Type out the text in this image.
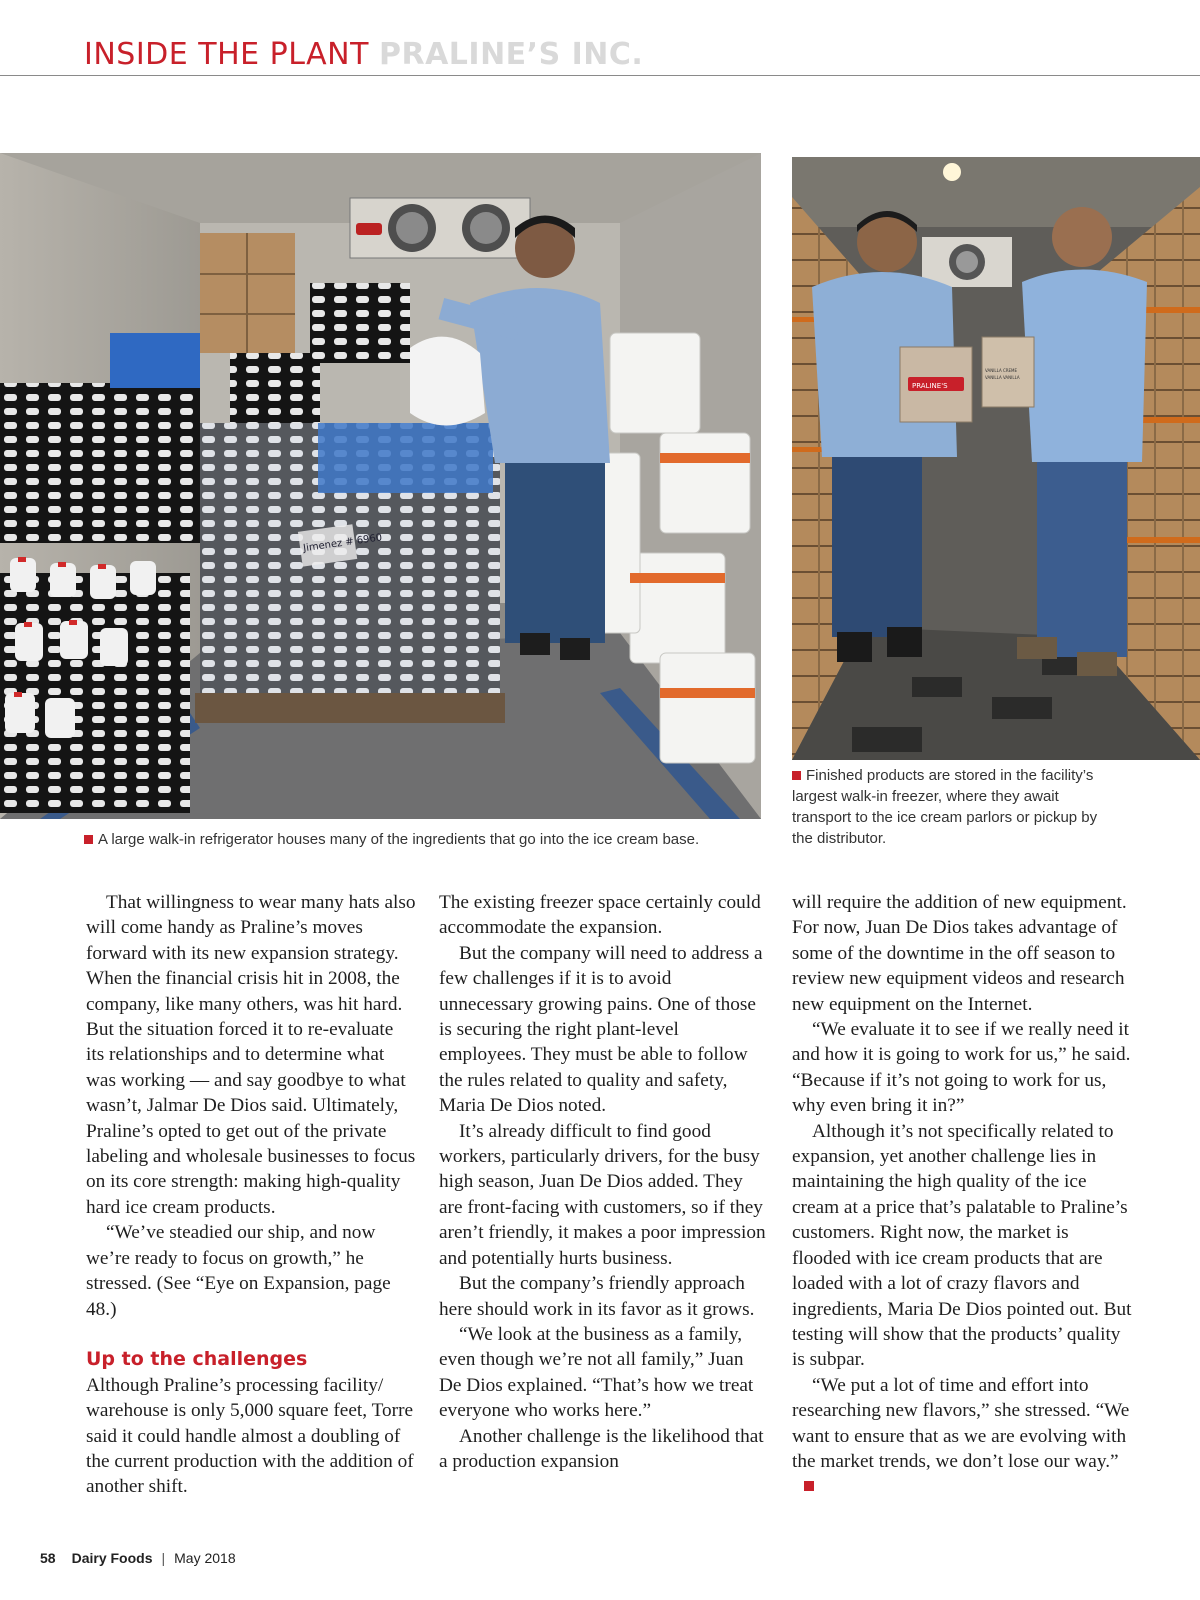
INSIDE THE PLANT PRALINE’S INC.
Jimenez # 6960
PRALINE'S
VANILLA CREME
VANILLA VANILLA
A large walk-in refrigerator houses many of the ingredients that go into the ice cream base.
Finished products are stored in the facility’s largest walk-in freezer, where they await transport to the ice cream parlors or pickup by the distributor.

That willingness to wear many hats also will come handy as Praline’s moves forward with its new expansion strategy. When the financial crisis hit in 2008, the company, like many others, was hit hard. But the situation forced it to re-evaluate its relationships and to determine what was working — and say goodbye to what wasn’t, Jalmar De Dios said. Ultimately, Praline’s opted to get out of the private labeling and wholesale businesses to focus on its core strength: making high-quality hard ice cream products.

“We’ve steadied our ship, and now we’re ready to focus on growth,” he stressed. (See “Eye on Expansion, page 48.)

Up to the challenges

Although Praline’s processing facility/ warehouse is only 5,000 square feet, Torre said it could handle almost a doubling of the current production with the addition of another shift.

The existing freezer space certainly could accommodate the expansion.

But the company will need to address a few challenges if it is to avoid unnecessary growing pains. One of those is securing the right plant-level employees. They must be able to follow the rules related to quality and safety, Maria De Dios noted.

It’s already difficult to find good workers, particularly drivers, for the busy high season, Juan De Dios added. They are front-facing with customers, so if they aren’t friendly, it makes a poor impression and potentially hurts business.

But the company’s friendly approach here should work in its favor as it grows.

“We look at the business as a family, even though we’re not all family,” Juan De Dios explained. “That’s how we treat everyone who works here.”

Another challenge is the likelihood that a production expansion

will require the addition of new equipment. For now, Juan De Dios takes advantage of some of the downtime in the off season to review new equipment videos and research new equipment on the Internet.

“We evaluate it to see if we really need it and how it is going to work for us,” he said. “Because if it’s not going to work for us, why even bring it in?”

Although it’s not specifically related to expansion, yet another challenge lies in maintaining the high quality of the ice cream at a price that’s palatable to Praline’s customers. Right now, the market is flooded with ice cream products that are loaded with a lot of crazy flavors and ingredients, Maria De Dios pointed out. But testing will show that the products’ quality is subpar.

“We put a lot of time and effort into researching new flavors,” she stressed. “We want to ensure that as we are evolving with the market trends, we don’t lose our way.”

58 Dairy Foods | May 2018
